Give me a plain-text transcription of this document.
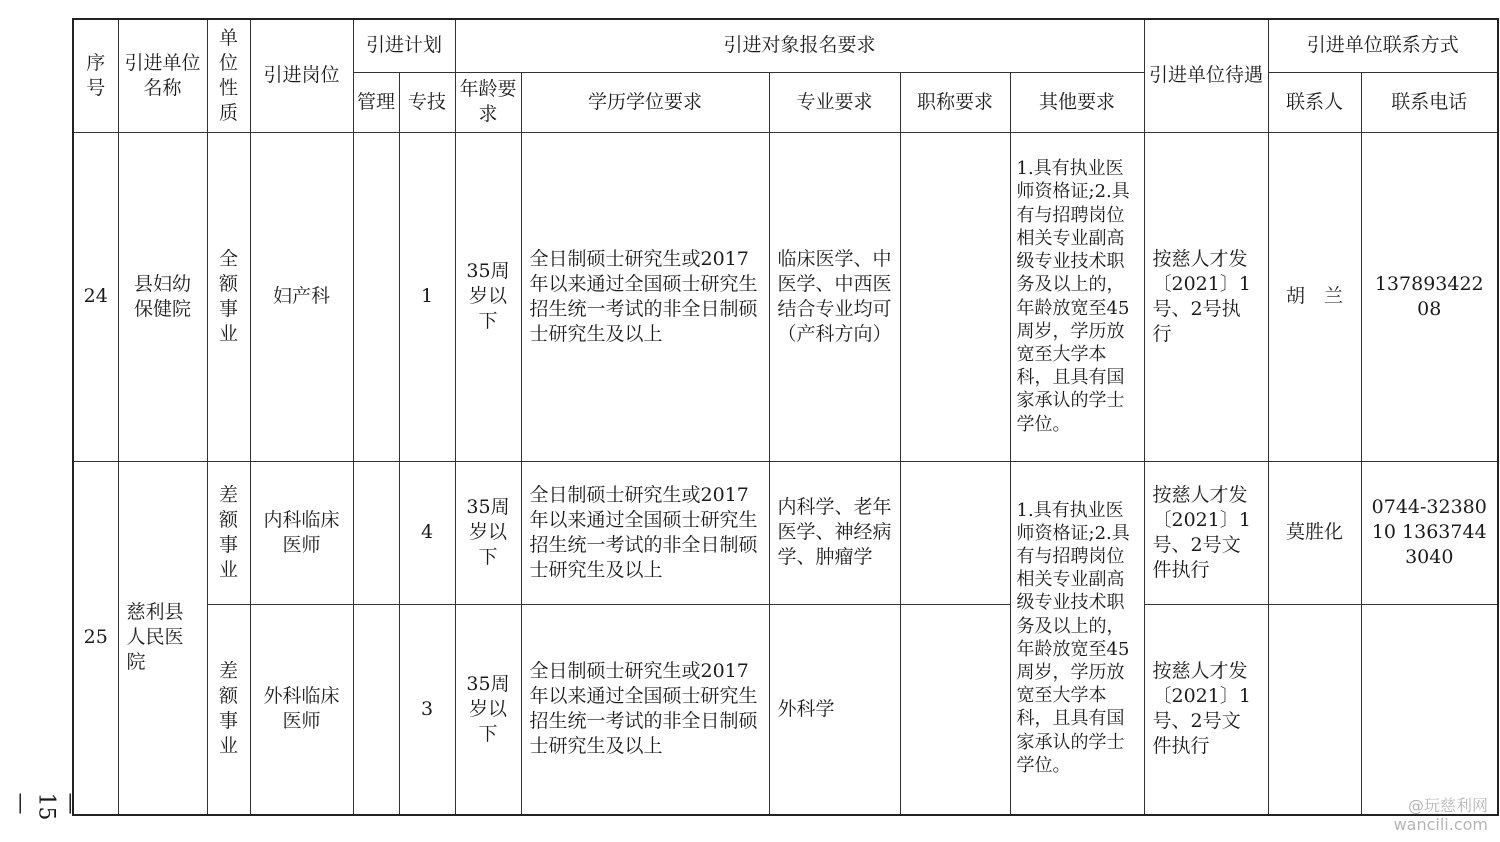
序号	引进单位名称	单位性质	引进岗位	引进计划		引进对象报名要求					引进单位待遇	引进单位联系方式	
				管理	专技	年龄要求	学历学位要求	专业要求	职称要求	其他要求		联系人	联系电话
24	县妇幼保健院	全额事业	妇产科		1	35周岁以下	全日制硕士研究生或2017年以来通过全国硕士研究生招生统一考试的非全日制硕士研究生及以上	临床医学、中医学、中西医结合专业均可（产科方向）		1.具有执业医师资格证;2.具有与招聘岗位相关专业副高级专业技术职务及以上的，年龄放宽至45周岁，学历放宽至大学本科，且具有国家承认的学士学位。	按慈人才发〔2021〕1号、2号执行	胡　兰	13789342208
25	慈利县人民医院	差额事业	内科临床医师		4	35周岁以下	全日制硕士研究生或2017年以来通过全国硕士研究生招生统一考试的非全日制硕士研究生及以上	内科学、老年医学、神经病学、肿瘤学		1.具有执业医师资格证;2.具有与招聘岗位相关专业副高级专业技术职务及以上的，年龄放宽至45周岁，学历放宽至大学本科，且具有国家承认的学士学位。	按慈人才发〔2021〕1号、2号文件执行	莫胜化	0744-3238010 13637443040
		差额事业	外科临床医师		3	35周岁以下	全日制硕士研究生或2017年以来通过全国硕士研究生招生统一考试的非全日制硕士研究生及以上	外科学			按慈人才发〔2021〕1号、2号文件执行		
— 15 —	@玩慈利网
wancili.com
